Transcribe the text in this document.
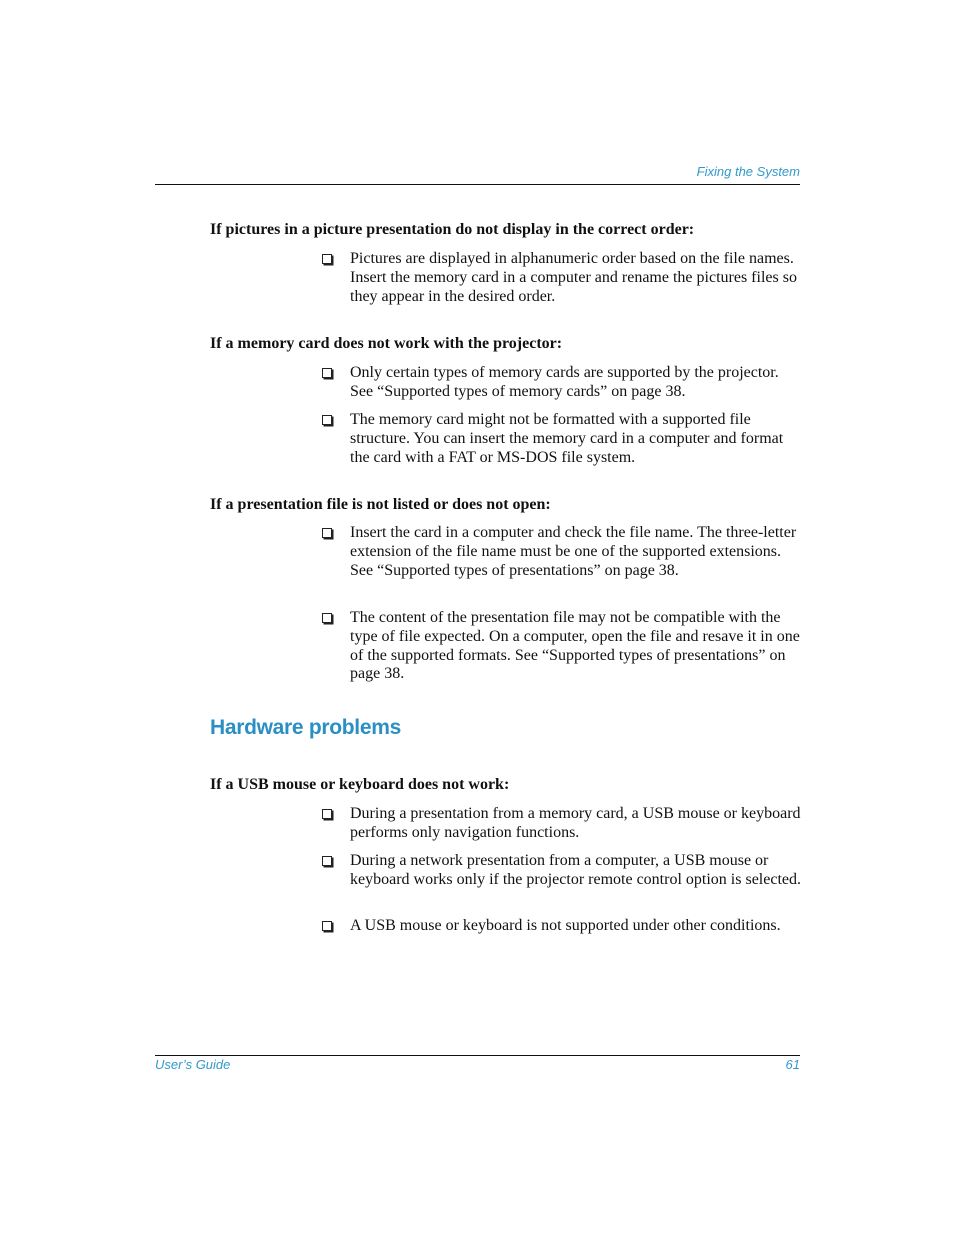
Fixing the System
If pictures in a picture presentation do not display in the correct order:
Pictures are displayed in alphanumeric order based on the file names. Insert the memory card in a computer and rename the pictures files so they appear in the desired order.
If a memory card does not work with the projector:
Only certain types of memory cards are supported by the projector. See “Supported types of memory cards” on page 38.
The memory card might not be formatted with a supported file structure. You can insert the memory card in a computer and format the card with a FAT or MS-DOS file system.
If a presentation file is not listed or does not open:
Insert the card in a computer and check the file name. The three-letter extension of the file name must be one of the supported extensions. See “Supported types of presentations” on page 38.
The content of the presentation file may not be compatible with the type of file expected. On a computer, open the file and resave it in one of the supported formats. See “Supported types of presentations” on page 38.
Hardware problems
If a USB mouse or keyboard does not work:
During a presentation from a memory card, a USB mouse or keyboard performs only navigation functions.
During a network presentation from a computer, a USB mouse or keyboard works only if the projector remote control option is selected.
A USB mouse or keyboard is not supported under other conditions.
User’s Guide	61
